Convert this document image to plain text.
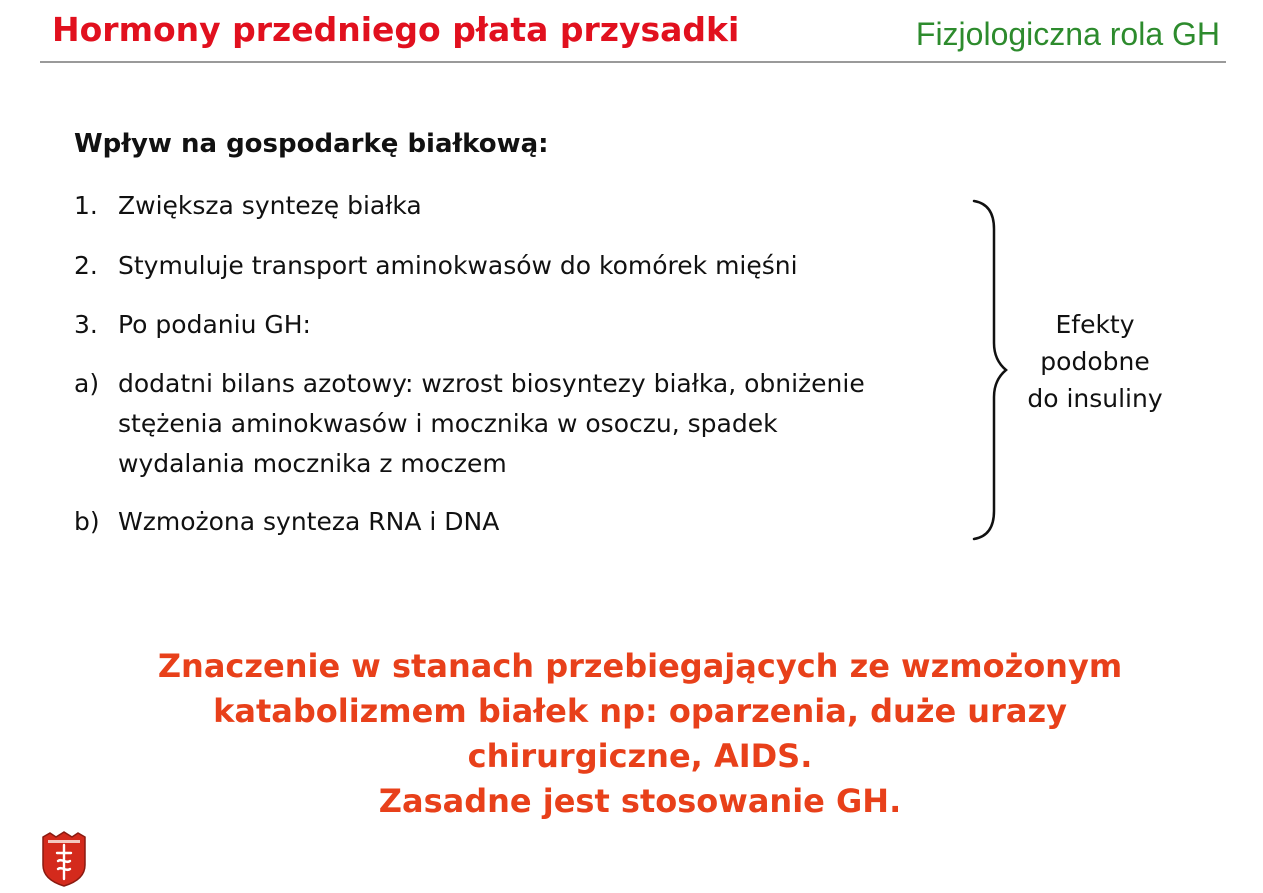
Hormony przedniego płata przysadki	Fizjologiczna rola GH
Wpływ na gospodarkę białkową:
1. Zwiększa syntezę białka
2. Stymuluje transport aminokwasów do komórek mięśni
3. Po podaniu GH:
a) dodatni bilans azotowy: wzrost biosyntezy białka, obniżenie
stężenia aminokwasów i mocznika w osoczu, spadek
wydalania mocznika z moczem
b) Wzmożona synteza RNA i DNA
Efekty
podobne
do insuliny
Znaczenie w stanach przebiegających ze wzmożonym
katabolizmem białek np: oparzenia, duże urazy
chirurgiczne, AIDS.
Zasadne jest stosowanie GH.
